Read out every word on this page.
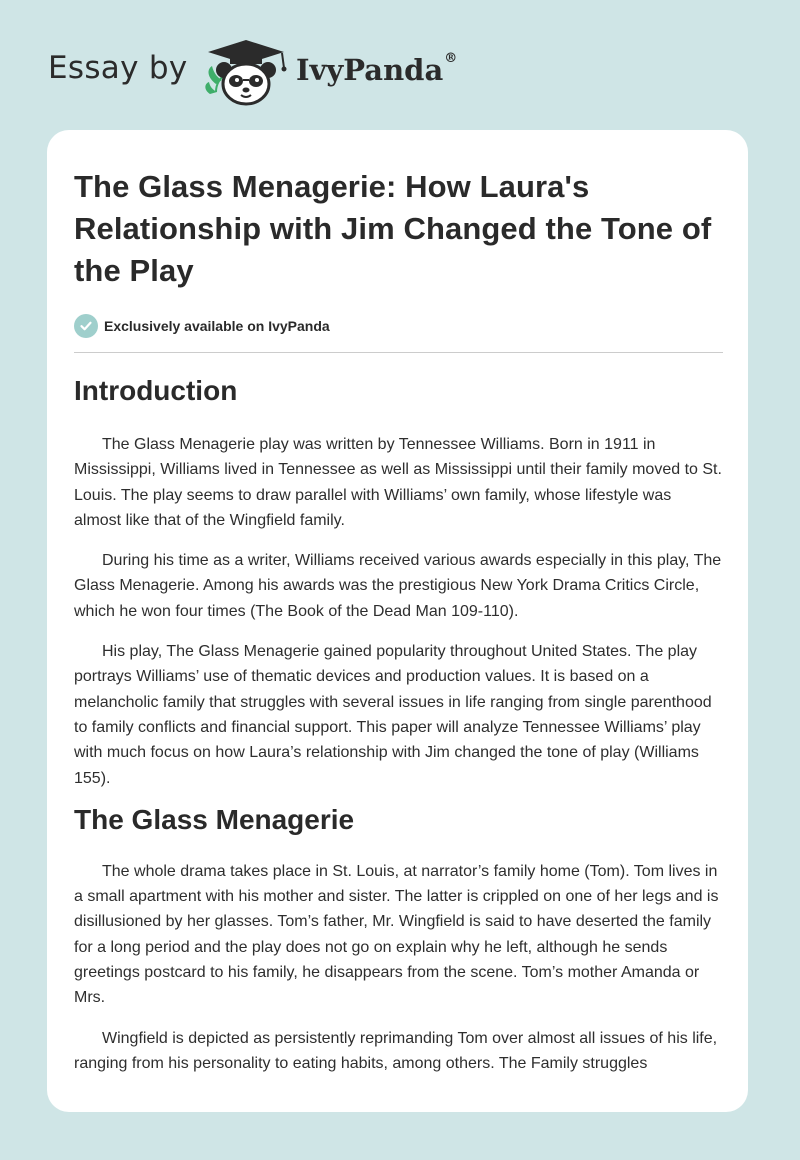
Essay by	IvyPanda®
The Glass Menagerie: How Laura's Relationship with Jim Changed the Tone of the Play
Exclusively available on IvyPanda
Introduction

The Glass Menagerie play was written by Tennessee Williams. Born in 1911 in Mississippi, Williams lived in Tennessee as well as Mississippi until their family moved to St. Louis. The play seems to draw parallel with Williams’ own family, whose lifestyle was almost like that of the Wingfield family.

During his time as a writer, Williams received various awards especially in this play, The Glass Menagerie. Among his awards was the prestigious New York Drama Critics Circle, which he won four times (The Book of the Dead Man 109-110).

His play, The Glass Menagerie gained popularity throughout United States. The play portrays Williams’ use of thematic devices and production values. It is based on a melancholic family that struggles with several issues in life ranging from single parenthood to family conflicts and financial support. This paper will analyze Tennessee Williams’ play with much focus on how Laura’s relationship with Jim changed the tone of play (Williams 155).

The Glass Menagerie

The whole drama takes place in St. Louis, at narrator’s family home (Tom). Tom lives in a small apartment with his mother and sister. The latter is crippled on one of her legs and is disillusioned by her glasses. Tom’s father, Mr. Wingfield is said to have deserted the family for a long period and the play does not go on explain why he left, although he sends greetings postcard to his family, he disappears from the scene. Tom’s mother Amanda or Mrs.

Wingfield is depicted as persistently reprimanding Tom over almost all issues of his life, ranging from his personality to eating habits, among others. The Family struggles
